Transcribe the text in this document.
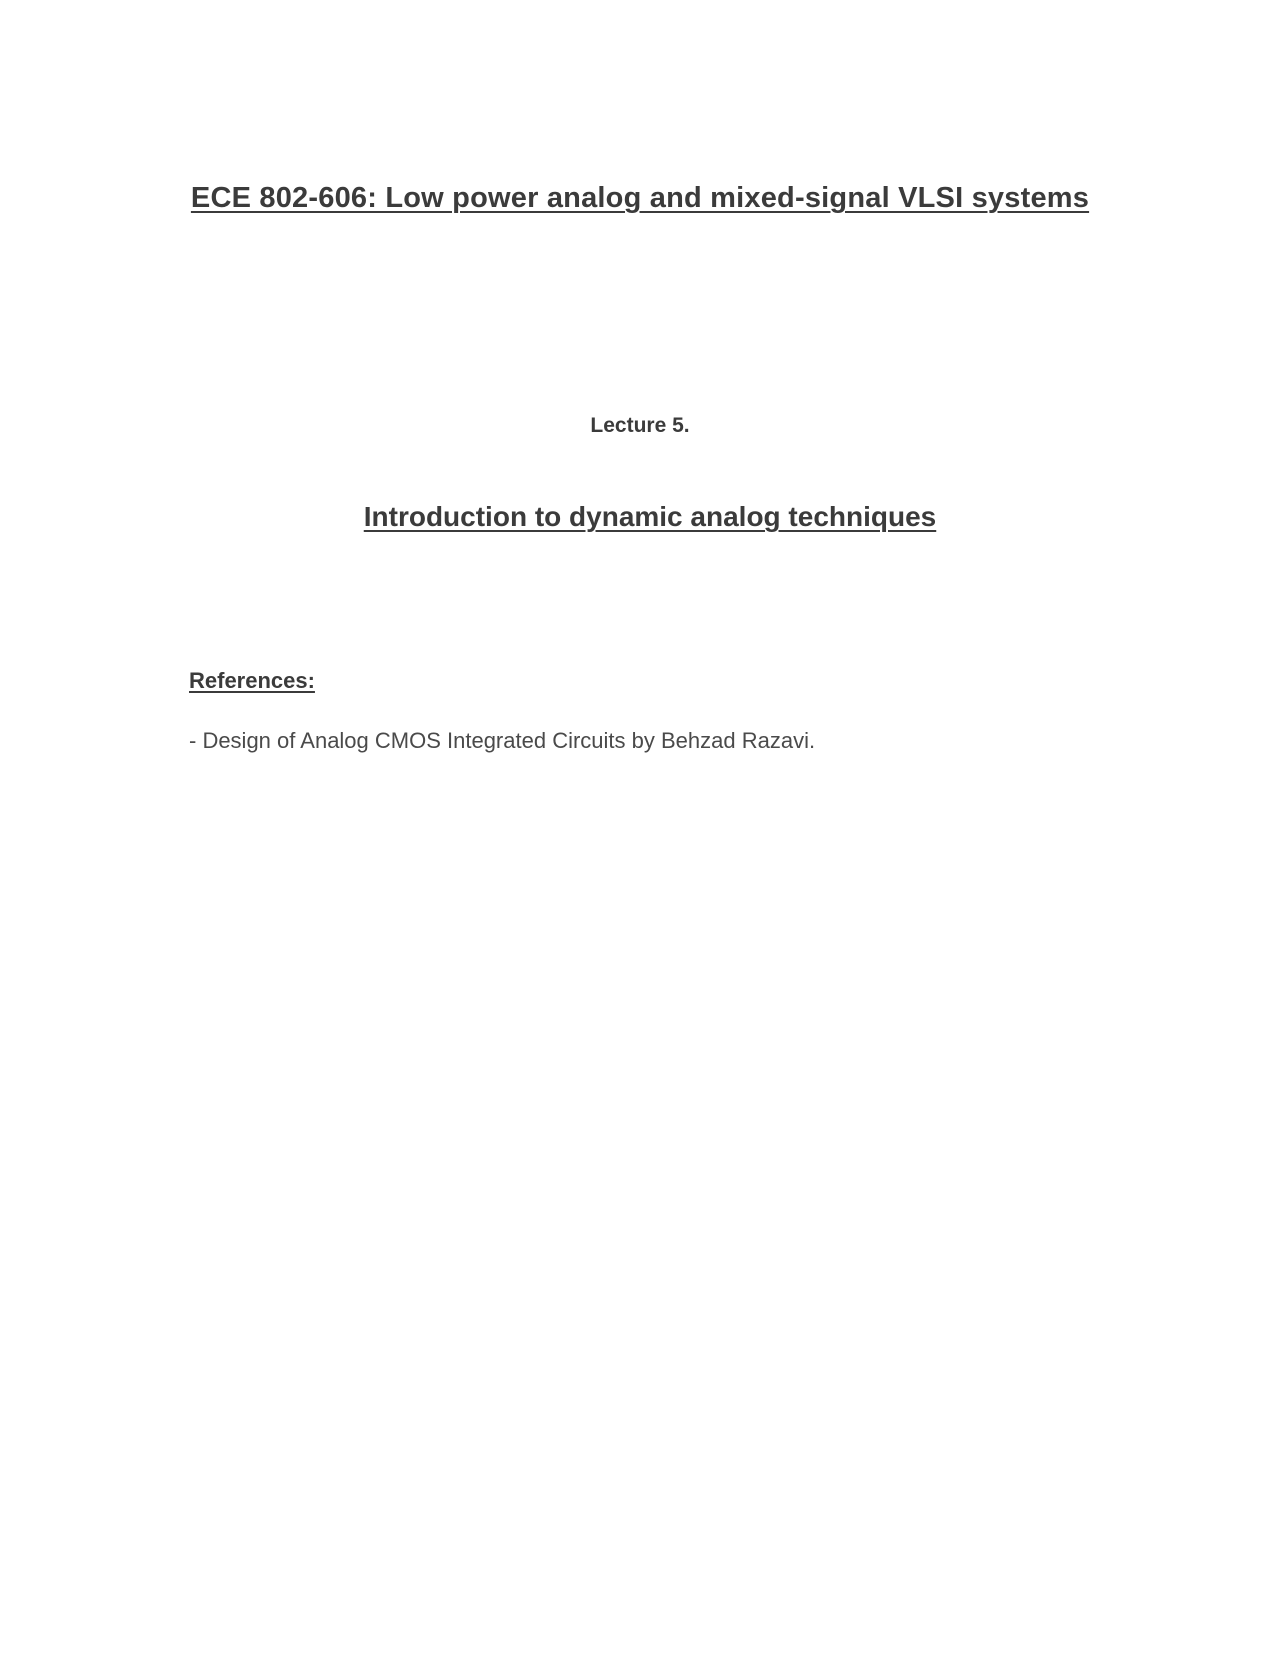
ECE 802-606: Low power analog and mixed-signal VLSI systems
Lecture 5.
Introduction to dynamic analog techniques
References:
- Design of Analog CMOS Integrated Circuits by Behzad Razavi.
